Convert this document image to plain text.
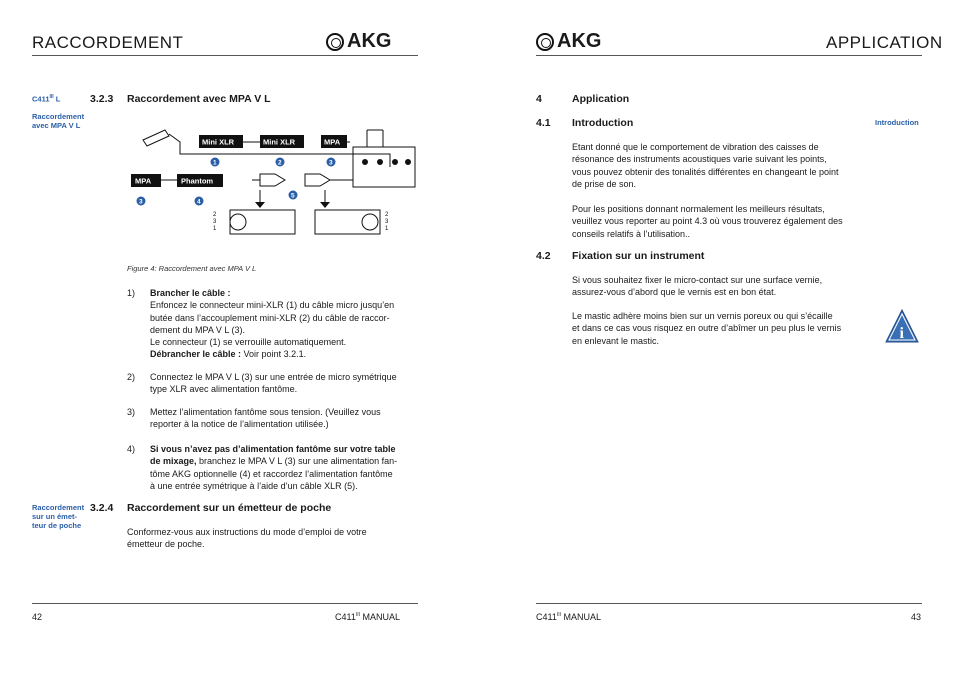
RACCORDEMENT	AKG
$C411^{III}$ L
Raccordement
avec MPA V L
3.2.3 Raccordement avec MPA V L
Mini XLR	Mini XLR	MPA
MPA	Phantom
1	2	3
3	4
5
2
3
1
2
3
1
Figure 4: Raccordement avec MPA V L
1) Brancher le câble :
Enfoncez le connecteur mini-XLR (1) du câble micro jusqu’en
butée dans l’accouplement mini-XLR (2) du câble de raccor-
dement du MPA V L (3).
Le connecteur (1) se verrouille automatiquement.
Débrancher le câble : Voir point 3.2.1.
2) Connectez le MPA V L (3) sur une entrée de micro symétrique
type XLR avec alimentation fantôme.
3) Mettez l’alimentation fantôme sous tension. (Veuillez vous
reporter à la notice de l’alimentation utilisée.)
4) Si vous n’avez pas d’alimentation fantôme sur votre table
de mixage, branchez le MPA V L (3) sur une alimentation fan-
tôme AKG optionnelle (4) et raccordez l’alimentation fantôme
à une entrée symétrique à l’aide d’un câble XLR (5).
Raccordement
sur un émet-
teur de poche
3.2.4 Raccordement sur un émetteur de poche
Conformez-vous aux instructions du mode d’emploi de votre
émetteur de poche.
42	$C411^{III}$ MANUAL
AKG	APPLICATION
4	Application
4.1 Introduction	Introduction
Etant donné que le comportement de vibration des caisses de
résonance des instruments acoustiques varie suivant les points,
vous pouvez obtenir des tonalités différentes en changeant le point
de prise de son.
Pour les positions donnant normalement les meilleurs résultats,
veuillez vous reporter au point 4.3 où vous trouverez également des
conseils relatifs à l’utilisation..
4.2 Fixation sur un instrument
Si vous souhaitez fixer le micro-contact sur une surface vernie,
assurez-vous d’abord que le vernis est en bon état.
Le mastic adhère moins bien sur un vernis poreux ou qui s’écaille
et dans ce cas vous risquez en outre d’abîmer un peu plus le vernis
en enlevant le mastic.	i
$C411^{III}$ MANUAL	43
